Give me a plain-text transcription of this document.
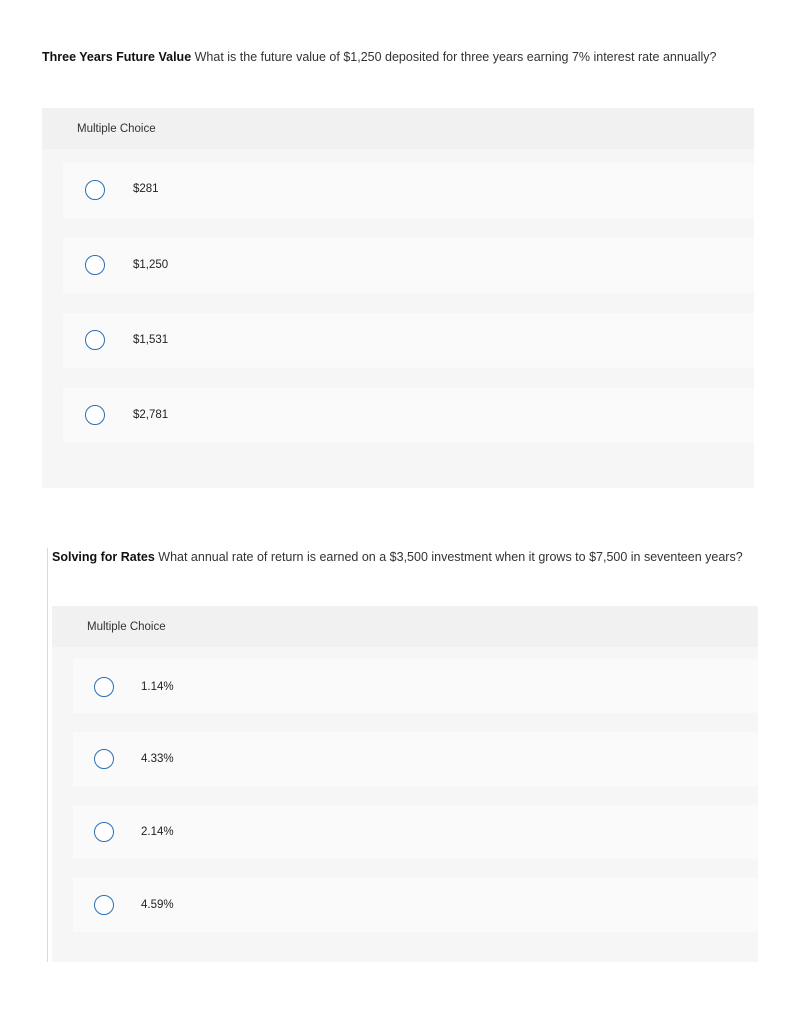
Three Years Future Value What is the future value of $1,250 deposited for three years earning 7% interest rate annually?
Multiple Choice
$281
$1,250
$1,531
$2,781
Solving for Rates What annual rate of return is earned on a $3,500 investment when it grows to $7,500 in seventeen years?
Multiple Choice
1.14%
4.33%
2.14%
4.59%
